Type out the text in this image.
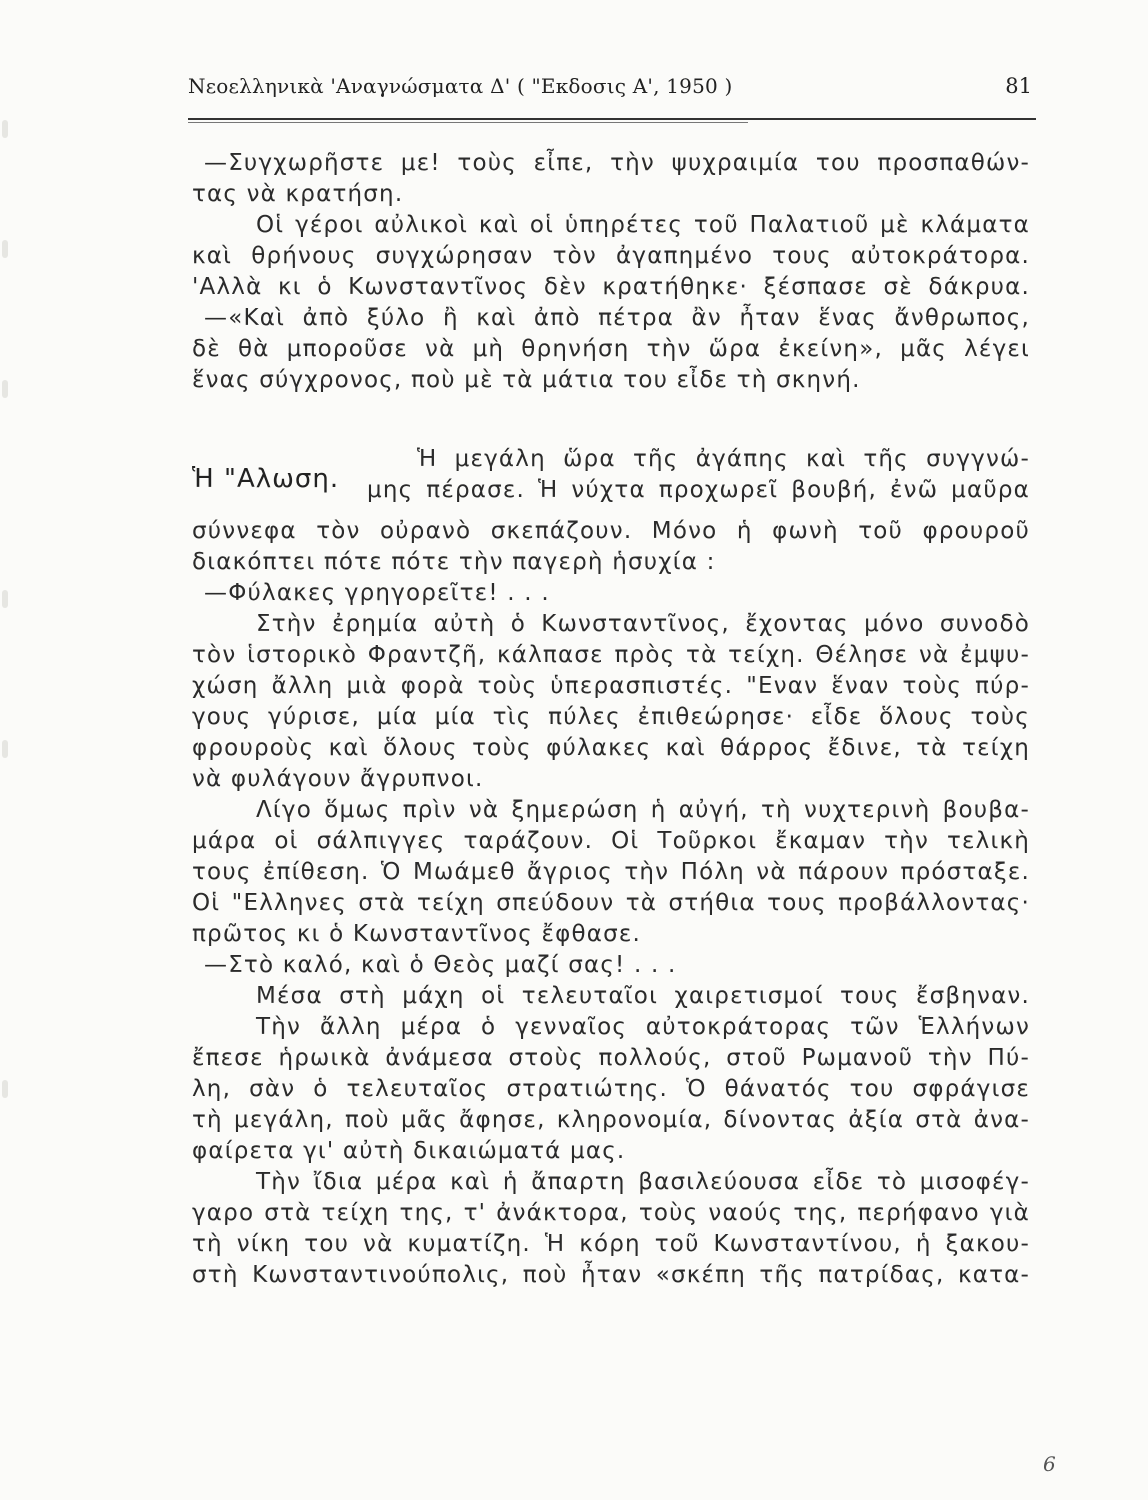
Νεοελληνικὰ 'Αναγνώσματα Δ' ( "Εκδοσις Α', 1950 )	81
—Συγχωρῆστε με! τοὺς εἶπε, τὴν ψυχραιμία του προσπαθών-
τας νὰ κρατήση.
Οἱ γέροι αὐλικοὶ καὶ οἱ ὑπηρέτες τοῦ Παλατιοῦ μὲ κλάματα
καὶ θρήνους συγχώρησαν τὸν ἀγαπημένο τους αὐτοκράτορα.
'Αλλὰ κι ὁ Κωνσταντῖνος δὲν κρατήθηκε· ξέσπασε σὲ δάκρυα.
—«Καὶ ἀπὸ ξύλο ἢ καὶ ἀπὸ πέτρα ἂν ἦταν ἕνας ἄνθρωπος,
δὲ θὰ μποροῦσε νὰ μὴ θρηνήση τὴν ὥρα ἐκείνη», μᾶς λέγει
ἕνας σύγχρονος, ποὺ μὲ τὰ μάτια του εἶδε τὴ σκηνή.
Ἡ "Αλωση.
Ἡ μεγάλη ὥρα τῆς ἀγάπης καὶ τῆς συγγνώ-
μης πέρασε. Ἡ νύχτα προχωρεῖ βουβή, ἐνῶ μαῦρα
σύννεφα τὸν οὐρανὸ σκεπάζουν. Μόνο ἡ φωνὴ τοῦ φρουροῦ
διακόπτει πότε πότε τὴν παγερὴ ἡσυχία :
—Φύλακες γρηγορεῖτε! . . .
Στὴν ἐρημία αὐτὴ ὁ Κωνσταντῖνος, ἔχοντας μόνο συνοδὸ
τὸν ἱστορικὸ Φραντζῆ, κάλπασε πρὸς τὰ τείχη. Θέλησε νὰ ἐμψυ-
χώση ἄλλη μιὰ φορὰ τοὺς ὑπερασπιστές. "Εναν ἕναν τοὺς πύρ-
γους γύρισε, μία μία τὶς πύλες ἐπιθεώρησε· εἶδε ὅλους τοὺς
φρουροὺς καὶ ὅλους τοὺς φύλακες καὶ θάρρος ἔδινε, τὰ τείχη
νὰ φυλάγουν ἄγρυπνοι.
Λίγο ὅμως πρὶν νὰ ξημερώση ἡ αὐγή, τὴ νυχτερινὴ βουβα-
μάρα οἱ σάλπιγγες ταράζουν. Οἱ Τοῦρκοι ἔκαμαν τὴν τελικὴ
τους ἐπίθεση. Ὁ Μωάμεθ ἄγριος τὴν Πόλη νὰ πάρουν πρόσταξε.
Οἱ "Ελληνες στὰ τείχη σπεύδουν τὰ στήθια τους προβάλλοντας·
πρῶτος κι ὁ Κωνσταντῖνος ἔφθασε.
—Στὸ καλό, καὶ ὁ Θεὸς μαζί σας! . . .
Μέσα στὴ μάχη οἱ τελευταῖοι χαιρετισμοί τους ἔσβηναν.
Τὴν ἄλλη μέρα ὁ γενναῖος αὐτοκράτορας τῶν Ἑλλήνων
ἔπεσε ἡρωικὰ ἀνάμεσα στοὺς πολλούς, στοῦ Ρωμανοῦ τὴν Πύ-
λη, σὰν ὁ τελευταῖος στρατιώτης. Ὁ θάνατός του σφράγισε
τὴ μεγάλη, ποὺ μᾶς ἄφησε, κληρονομία, δίνοντας ἀξία στὰ ἀνα-
φαίρετα γι' αὐτὴ δικαιώματά μας.
Τὴν ἴδια μέρα καὶ ἡ ἄπαρτη βασιλεύουσα εἶδε τὸ μισοφέγ-
γαρο στὰ τείχη της, τ' ἀνάκτορα, τοὺς ναούς της, περήφανο γιὰ
τὴ νίκη του νὰ κυματίζη. Ἡ κόρη τοῦ Κωνσταντίνου, ἡ ξακου-
στὴ Κωνσταντινούπολις, ποὺ ἦταν «σκέπη τῆς πατρίδας, κατα-
6
